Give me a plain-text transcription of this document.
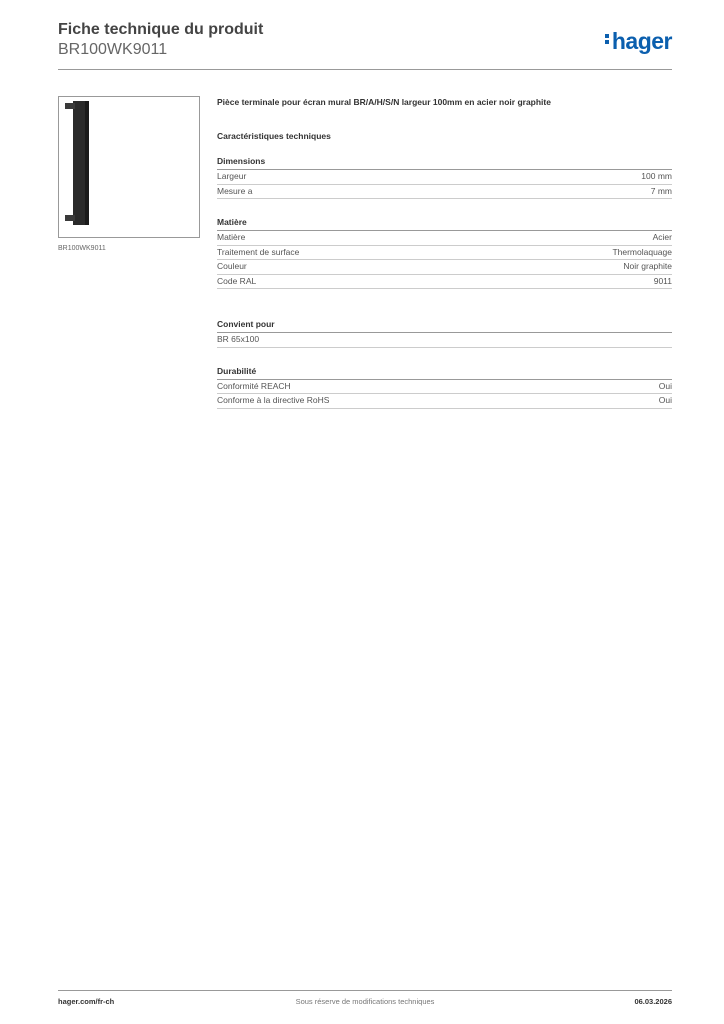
Fiche technique du produit
BR100WK9011	hager
BR100WK9011

Pièce terminale pour écran mural BR/A/H/S/N largeur 100mm en acier noir graphite

Caractéristiques techniques

Dimensions
Largeur	100 mm
Mesure a	7 mm
Matière
Matière	Acier
Traitement de surface	Thermolaquage
Couleur	Noir graphite
Code RAL	9011
Convient pour
BR 65x100
Durabilité
Conformité REACH	Oui
Conforme à la directive RoHS	Oui
hager.com/fr-ch	Sous réserve de modifications techniques	06.03.2026
